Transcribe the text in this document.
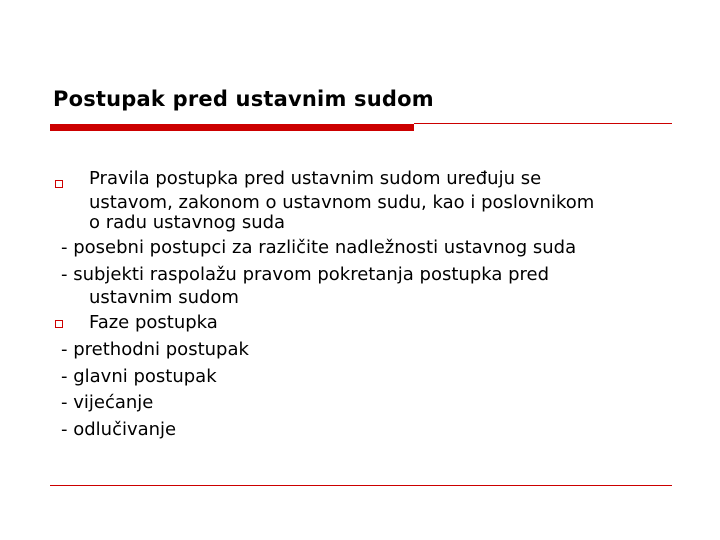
Postupak pred ustavnim sudom
Pravila postupka pred ustavnim sudom uređuju se
ustavom, zakonom o ustavnom sudu, kao i poslovnikom
o radu ustavnog suda
- posebni postupci za različite nadležnosti ustavnog suda
- subjekti raspolažu pravom pokretanja postupka pred
ustavnim sudom
Faze postupka
- prethodni postupak
- glavni postupak
- vijećanje
- odlučivanje
